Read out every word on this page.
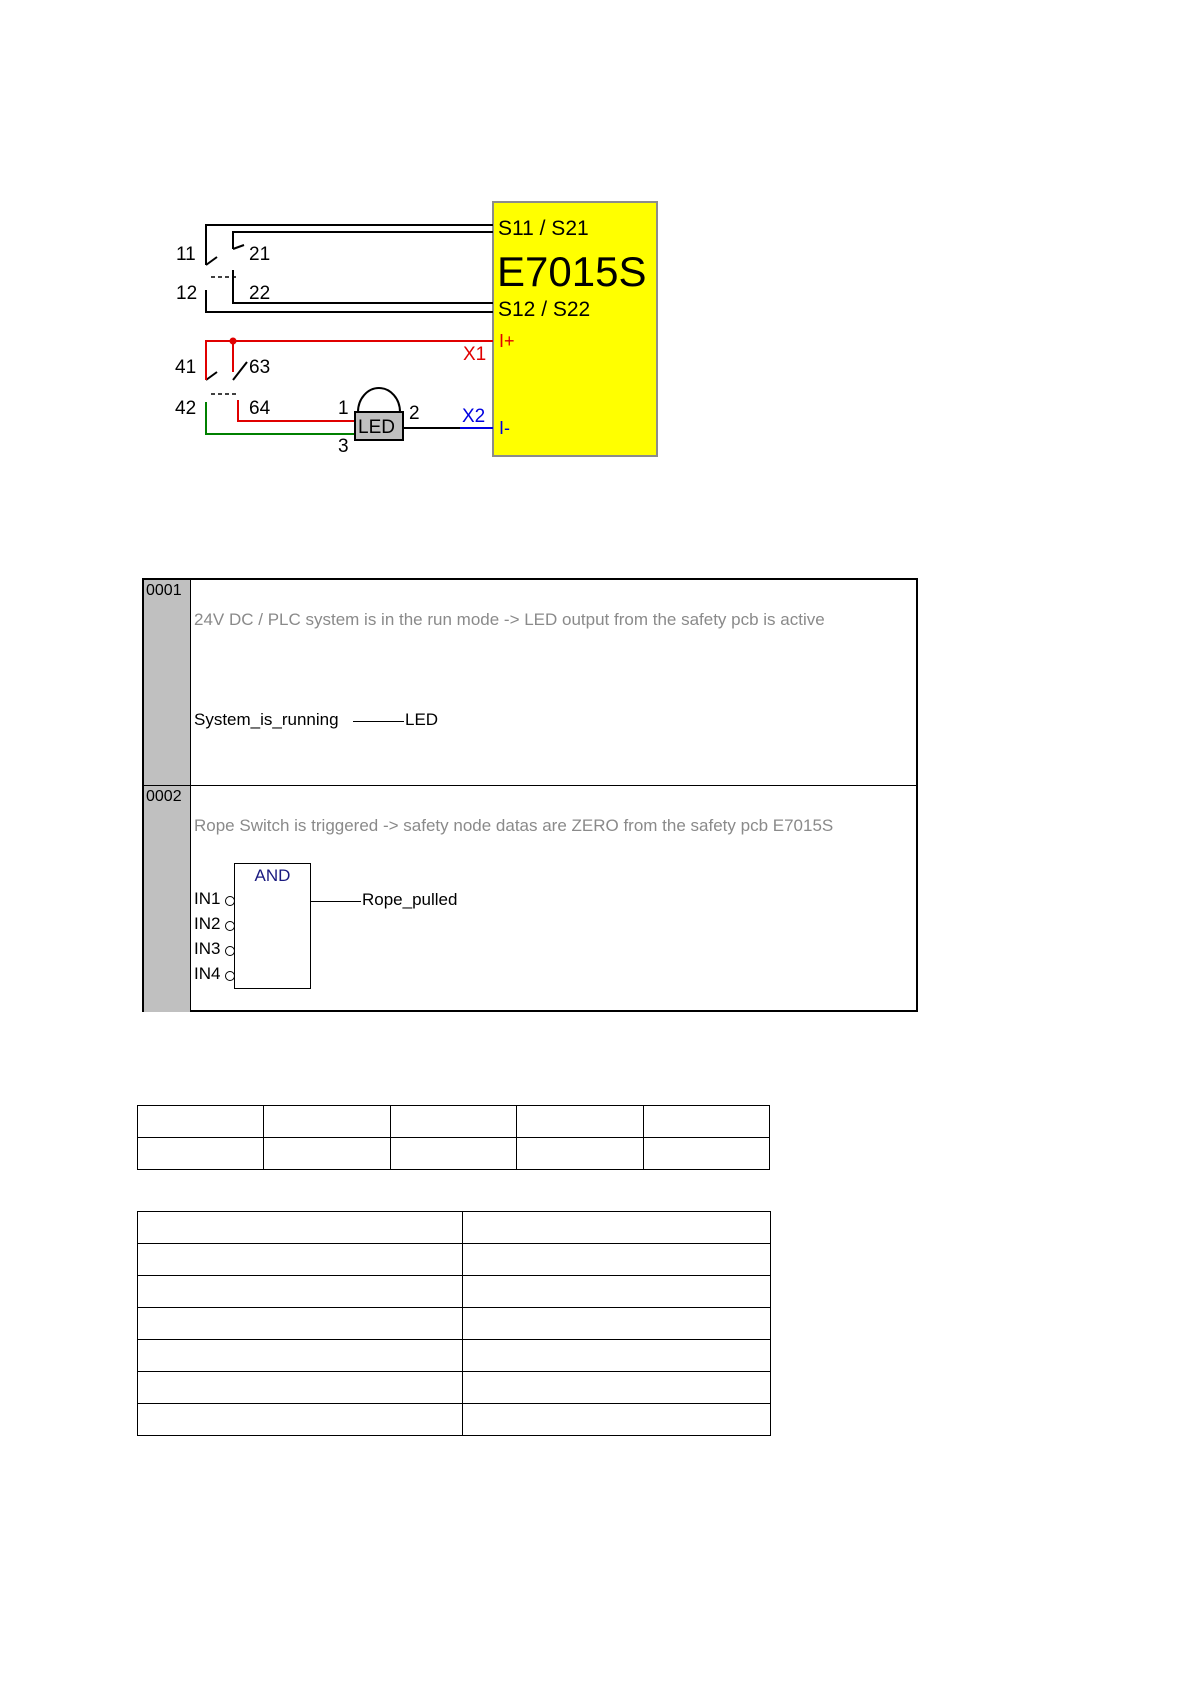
S11 / S21
E7015S
S12 / S22
I+
I-
X1
X2
11
12
21
22
41
42
63
64
LED
1	2
3
0001
24V DC / PLC system is in the run mode -> LED output from the safety pcb is active
System_is_running	LED
0002
Rope Switch is triggered -> safety node datas are ZERO from the safety pcb E7015S
AND
IN1
IN2
IN3
IN4
Rope_pulled
